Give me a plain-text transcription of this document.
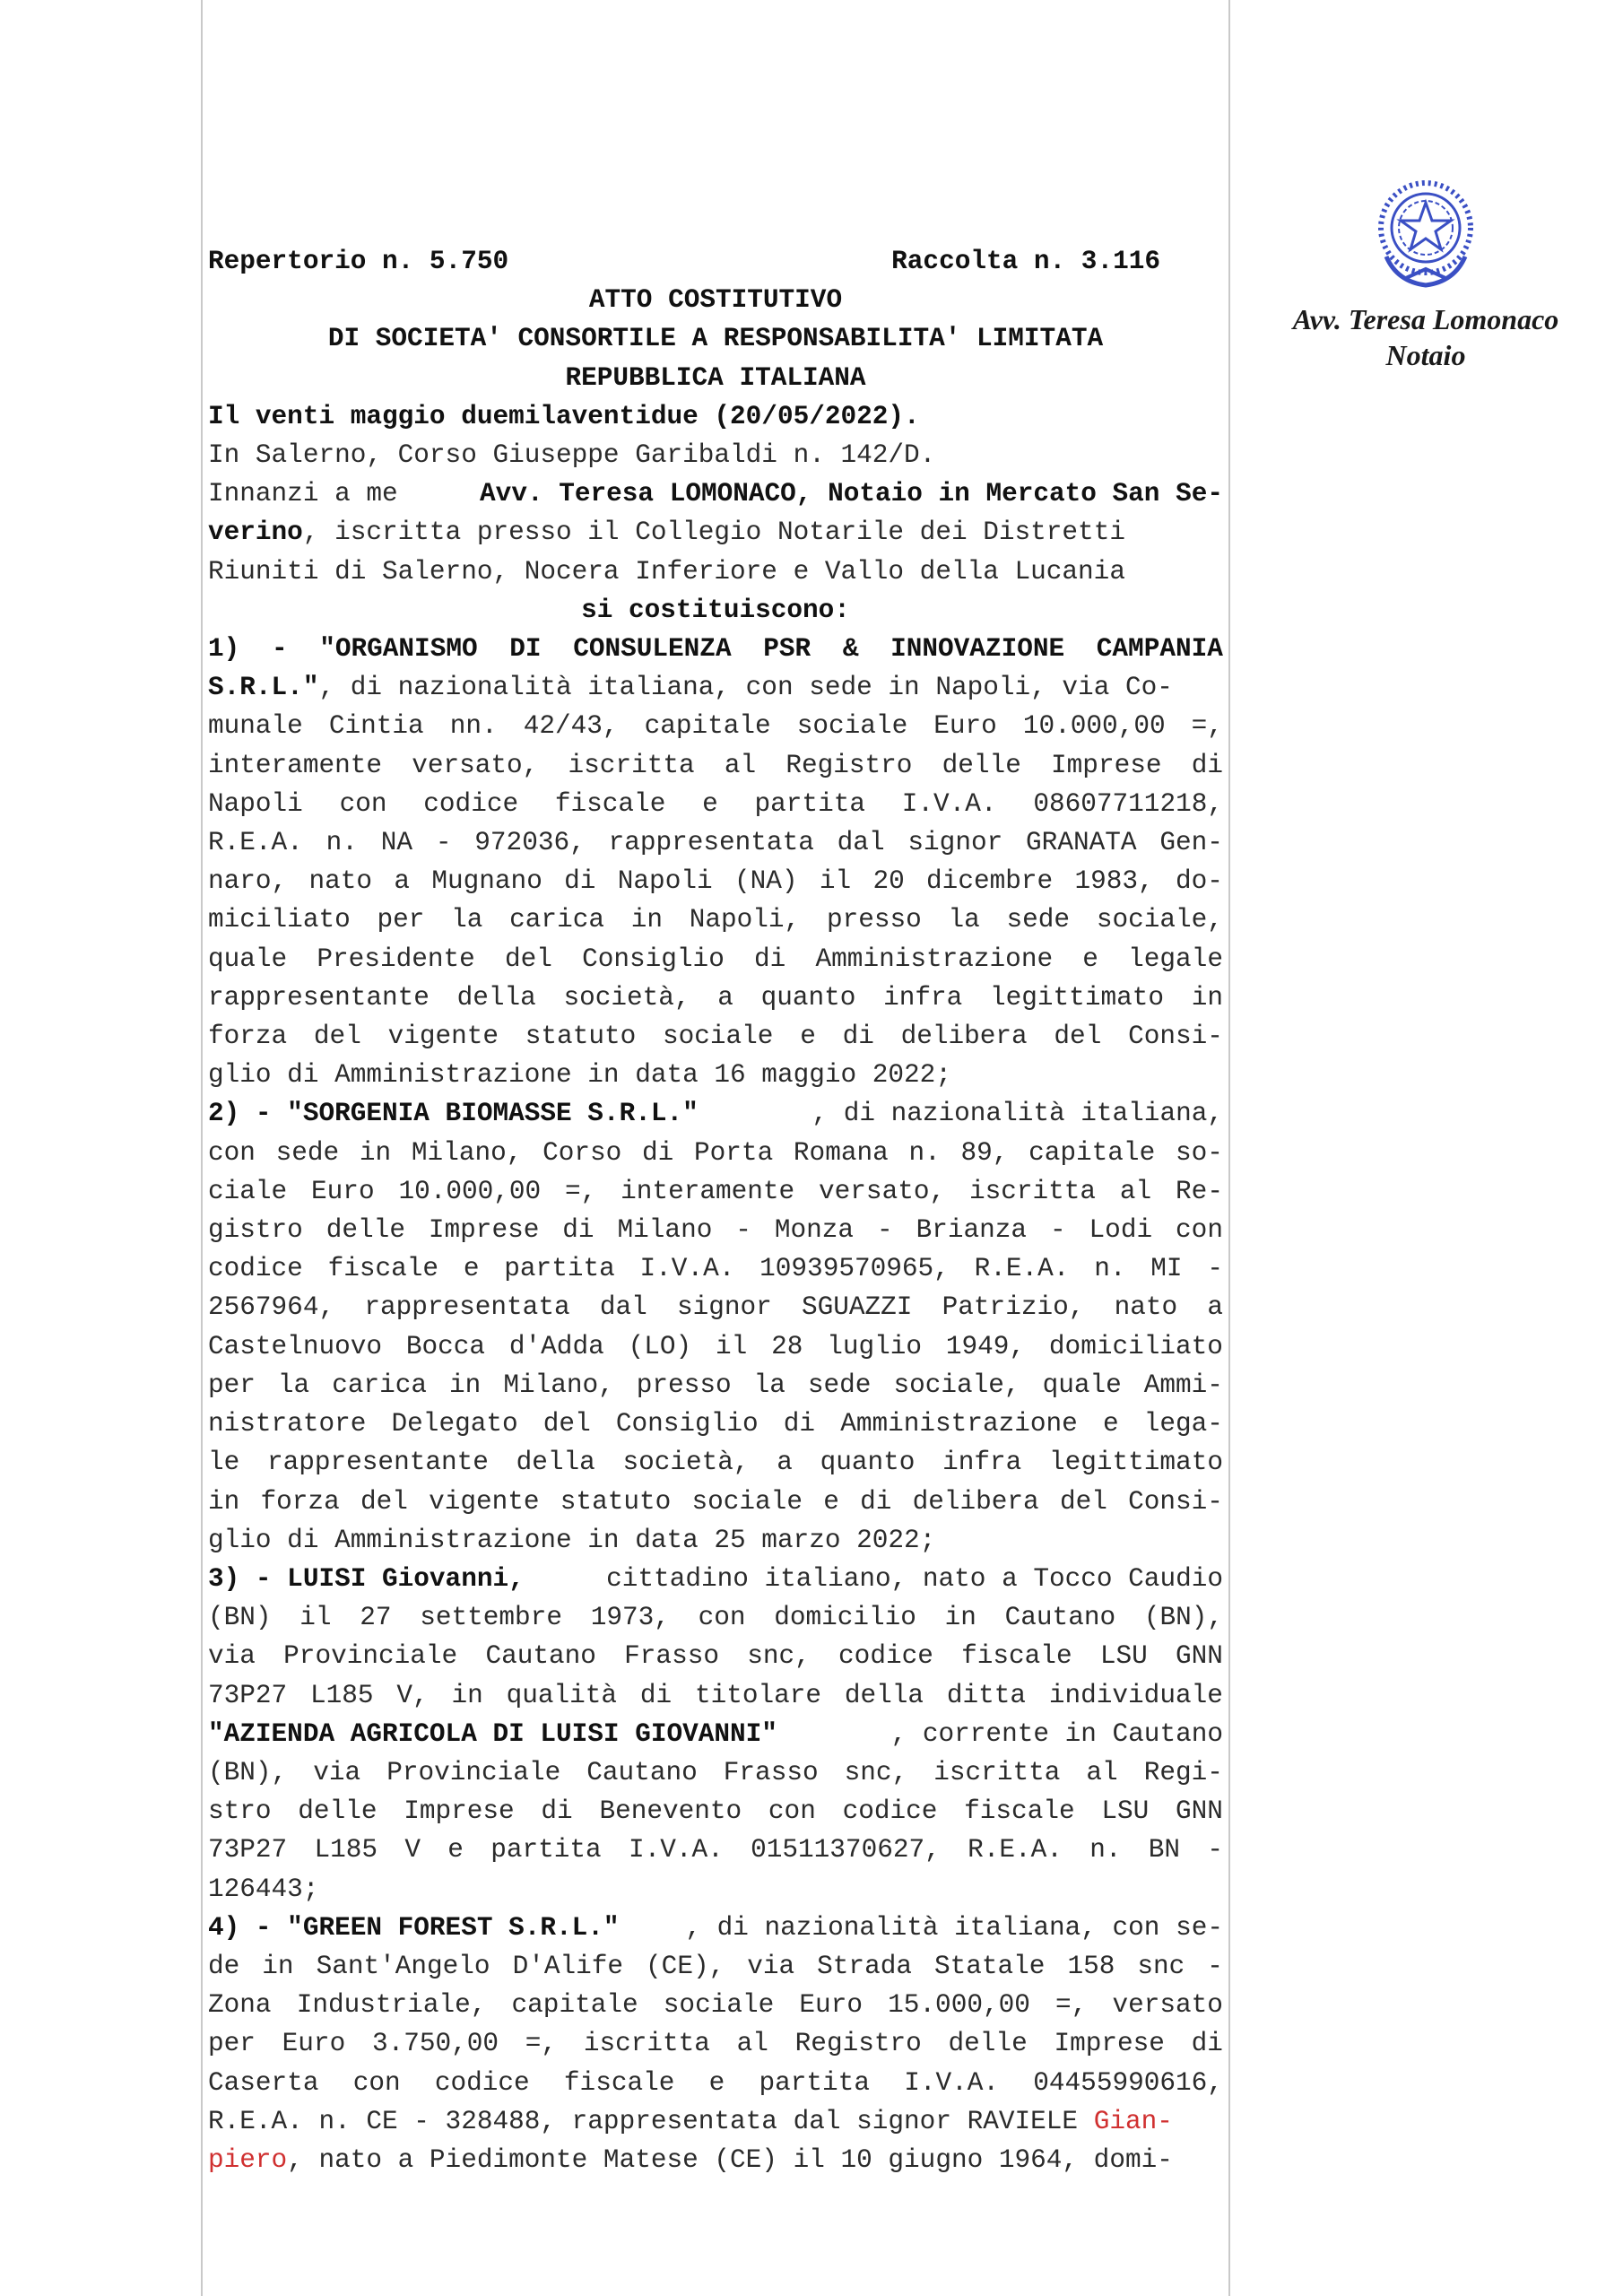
Avv. Teresa Lomonaco
Notaio
Repertorio n. 5.750	Raccolta n. 3.116
ATTO COSTITUTIVO
DI SOCIETA' CONSORTILE A RESPONSABILITA' LIMITATA
REPUBBLICA ITALIANA
Il venti maggio duemilaventidue (20/05/2022).
In Salerno, Corso Giuseppe Garibaldi n. 142/D.
Innanzi a me	Avv. Teresa LOMONACO, Notaio in Mercato San Se-
verino, iscritta presso il Collegio Notarile dei Distretti
Riuniti di Salerno, Nocera Inferiore e Vallo della Lucania
si costituiscono:
1) - "ORGANISMO DI CONSULENZA PSR & INNOVAZIONE CAMPANIA
S.R.L.", di nazionalità italiana, con sede in Napoli, via Co-
munale Cintia nn. 42/43, capitale sociale Euro 10.000,00 =,
interamente versato, iscritta al Registro delle Imprese di
Napoli con codice fiscale e partita I.V.A. 08607711218,
R.E.A. n. NA - 972036, rappresentata dal signor GRANATA Gen-
naro, nato a Mugnano di Napoli (NA) il 20 dicembre 1983, do-
miciliato per la carica in Napoli, presso la sede sociale,
quale Presidente del Consiglio di Amministrazione e legale
rappresentante della società, a quanto infra legittimato in
forza del vigente statuto sociale e di delibera del Consi-
glio di Amministrazione in data 16 maggio 2022;
2) - "SORGENIA BIOMASSE S.R.L."	, di nazionalità italiana,
con sede in Milano, Corso di Porta Romana n. 89, capitale so-
ciale Euro 10.000,00 =, interamente versato, iscritta al Re-
gistro delle Imprese di Milano - Monza - Brianza - Lodi con
codice fiscale e partita I.V.A. 10939570965, R.E.A. n. MI -
2567964, rappresentata dal signor SGUAZZI Patrizio, nato a
Castelnuovo Bocca d'Adda (LO) il 28 luglio 1949, domiciliato
per la carica in Milano, presso la sede sociale, quale Ammi-
nistratore Delegato del Consiglio di Amministrazione e lega-
le rappresentante della società, a quanto infra legittimato
in forza del vigente statuto sociale e di delibera del Consi-
glio di Amministrazione in data 25 marzo 2022;
3) - LUISI Giovanni,	cittadino italiano, nato a Tocco Caudio
(BN) il 27 settembre 1973, con domicilio in Cautano (BN),
via Provinciale Cautano Frasso snc, codice fiscale LSU GNN
73P27 L185 V, in qualità di titolare della ditta individuale
"AZIENDA AGRICOLA DI LUISI GIOVANNI"	, corrente in Cautano
(BN), via Provinciale Cautano Frasso snc, iscritta al Regi-
stro delle Imprese di Benevento con codice fiscale LSU GNN
73P27 L185 V e partita I.V.A. 01511370627, R.E.A. n. BN -
126443;
4) - "GREEN FOREST S.R.L."	, di nazionalità italiana, con se-
de in Sant'Angelo D'Alife (CE), via Strada Statale 158 snc -
Zona Industriale, capitale sociale Euro 15.000,00 =, versato
per Euro 3.750,00 =, iscritta al Registro delle Imprese di
Caserta con codice fiscale e partita I.V.A. 04455990616,
R.E.A. n. CE - 328488, rappresentata dal signor RAVIELE Gian-
piero, nato a Piedimonte Matese (CE) il 10 giugno 1964, domi-
